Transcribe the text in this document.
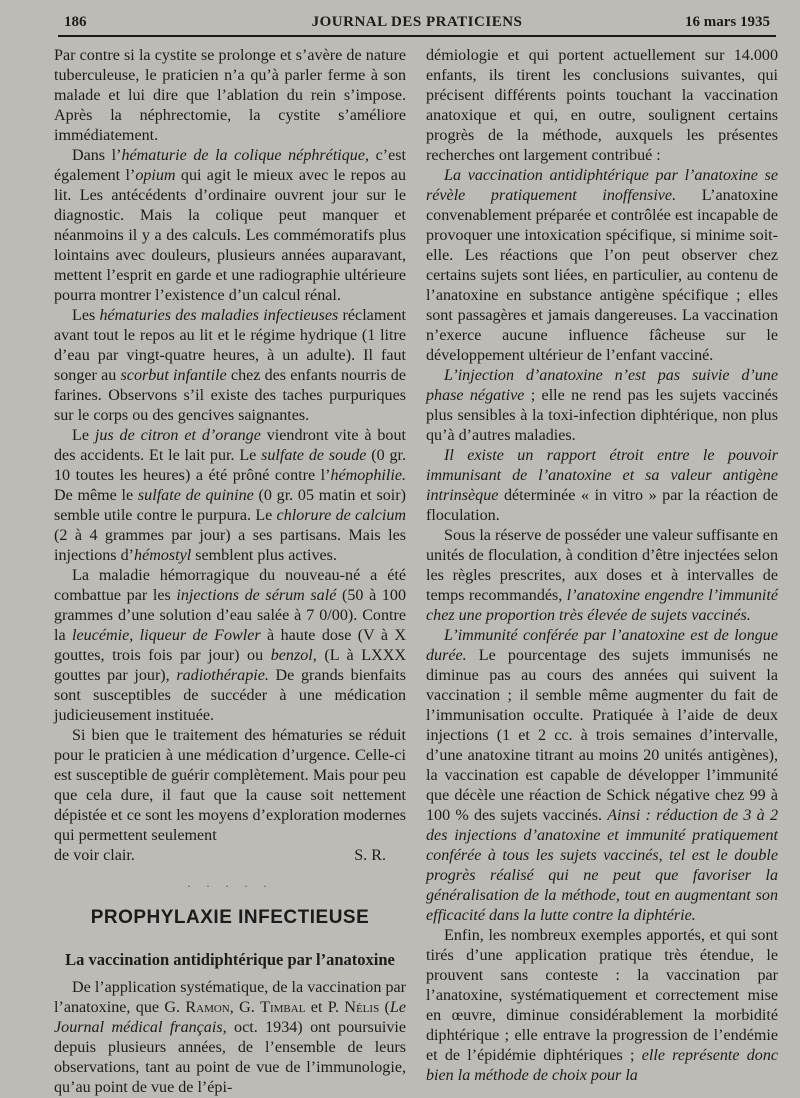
186	JOURNAL DES PRATICIENS	16 mars 1935

Par contre si la cystite se prolonge et s’avère de nature tuberculeuse, le praticien n’a qu’à parler ferme à son malade et lui dire que l’ablation du rein s’impose. Après la néphrectomie, la cystite s’améliore immédiatement.

Dans l’hématurie de la colique néphrétique, c’est également l’opium qui agit le mieux avec le repos au lit. Les antécédents d’ordinaire ouvrent jour sur le diagnostic. Mais la colique peut manquer et néanmoins il y a des calculs. Les commémoratifs plus lointains avec douleurs, plusieurs années auparavant, mettent l’esprit en garde et une radiographie ultérieure pourra montrer l’existence d’un calcul rénal.

Les hématuries des maladies infectieuses réclament avant tout le repos au lit et le régime hydrique (1 litre d’eau par vingt-quatre heures, à un adulte). Il faut songer au scorbut infantile chez des enfants nourris de farines. Observons s’il existe des taches purpuriques sur le corps ou des gencives saignantes.

Le jus de citron et d’orange viendront vite à bout des accidents. Et le lait pur. Le sulfate de soude (0 gr. 10 toutes les heures) a été prôné contre l’hémophilie. De même le sulfate de quinine (0 gr. 05 matin et soir) semble utile contre le purpura. Le chlorure de calcium (2 à 4 grammes par jour) a ses partisans. Mais les injections d’hémostyl semblent plus actives.

La maladie hémorragique du nouveau-né a été combattue par les injections de sérum salé (50 à 100 grammes d’une solution d’eau salée à 7 0/00). Contre la leucémie, liqueur de Fowler à haute dose (V à X gouttes, trois fois par jour) ou benzol, (L à LXXX gouttes par jour), radiothérapie. De grands bienfaits sont susceptibles de succéder à une médication judicieusement instituée.

Si bien que le traitement des hématuries se réduit pour le praticien à une médication d’urgence. Celle-ci est susceptible de guérir complètement. Mais pour peu que cela dure, il faut que la cause soit nettement dépistée et ce sont les moyens d’exploration modernes qui permettent seulement

de voir clair.	S. R.
· · · · ·
PROPHYLAXIE INFECTIEUSE
La vaccination antidiphtérique par l’anatoxine

De l’application systématique, de la vaccination par l’anatoxine, que G. Ramon, G. Timbal et P. Nélis (Le Journal médical français, oct. 1934) ont poursuivie depuis plusieurs années, de l’ensemble de leurs observations, tant au point de vue de l’immunologie, qu’au point de vue de l’épi-

démiologie et qui portent actuellement sur 14.000 enfants, ils tirent les conclusions suivantes, qui précisent différents points touchant la vaccination anatoxique et qui, en outre, soulignent certains progrès de la méthode, auxquels les présentes recherches ont largement contribué :

La vaccination antidiphtérique par l’anatoxine se révèle pratiquement inoffensive. L’anatoxine convenablement préparée et contrôlée est incapable de provoquer une intoxication spécifique, si minime soit-elle. Les réactions que l’on peut observer chez certains sujets sont liées, en particulier, au contenu de l’anatoxine en substance antigène spécifique ; elles sont passagères et jamais dangereuses. La vaccination n’exerce aucune influence fâcheuse sur le développement ultérieur de l’enfant vacciné.

L’injection d’anatoxine n’est pas suivie d’une phase négative ; elle ne rend pas les sujets vaccinés plus sensibles à la toxi-infection diphtérique, non plus qu’à d’autres maladies.

Il existe un rapport étroit entre le pouvoir immunisant de l’anatoxine et sa valeur antigène intrinsèque déterminée « in vitro » par la réaction de floculation.

Sous la réserve de posséder une valeur suffisante en unités de floculation, à condition d’être injectées selon les règles prescrites, aux doses et à intervalles de temps recommandés, l’anatoxine engendre l’immunité chez une proportion très élevée de sujets vaccinés.

L’immunité conférée par l’anatoxine est de longue durée. Le pourcentage des sujets immunisés ne diminue pas au cours des années qui suivent la vaccination ; il semble même augmenter du fait de l’immunisation occulte. Pratiquée à l’aide de deux injections (1 et 2 cc. à trois semaines d’intervalle, d’une anatoxine titrant au moins 20 unités antigènes), la vaccination est capable de développer l’immunité que décèle une réaction de Schick négative chez 99 à 100 % des sujets vaccinés. Ainsi : réduction de 3 à 2 des injections d’anatoxine et immunité pratiquement conférée à tous les sujets vaccinés, tel est le double progrès réalisé qui ne peut que favoriser la généralisation de la méthode, tout en augmentant son efficacité dans la lutte contre la diphtérie.

Enfin, les nombreux exemples apportés, et qui sont tirés d’une application pratique très étendue, le prouvent sans conteste : la vaccination par l’anatoxine, systématiquement et correctement mise en œuvre, diminue considérablement la morbidité diphtérique ; elle entrave la progression de l’endémie et de l’épidémie diphtériques ; elle représente donc bien la méthode de choix pour la
